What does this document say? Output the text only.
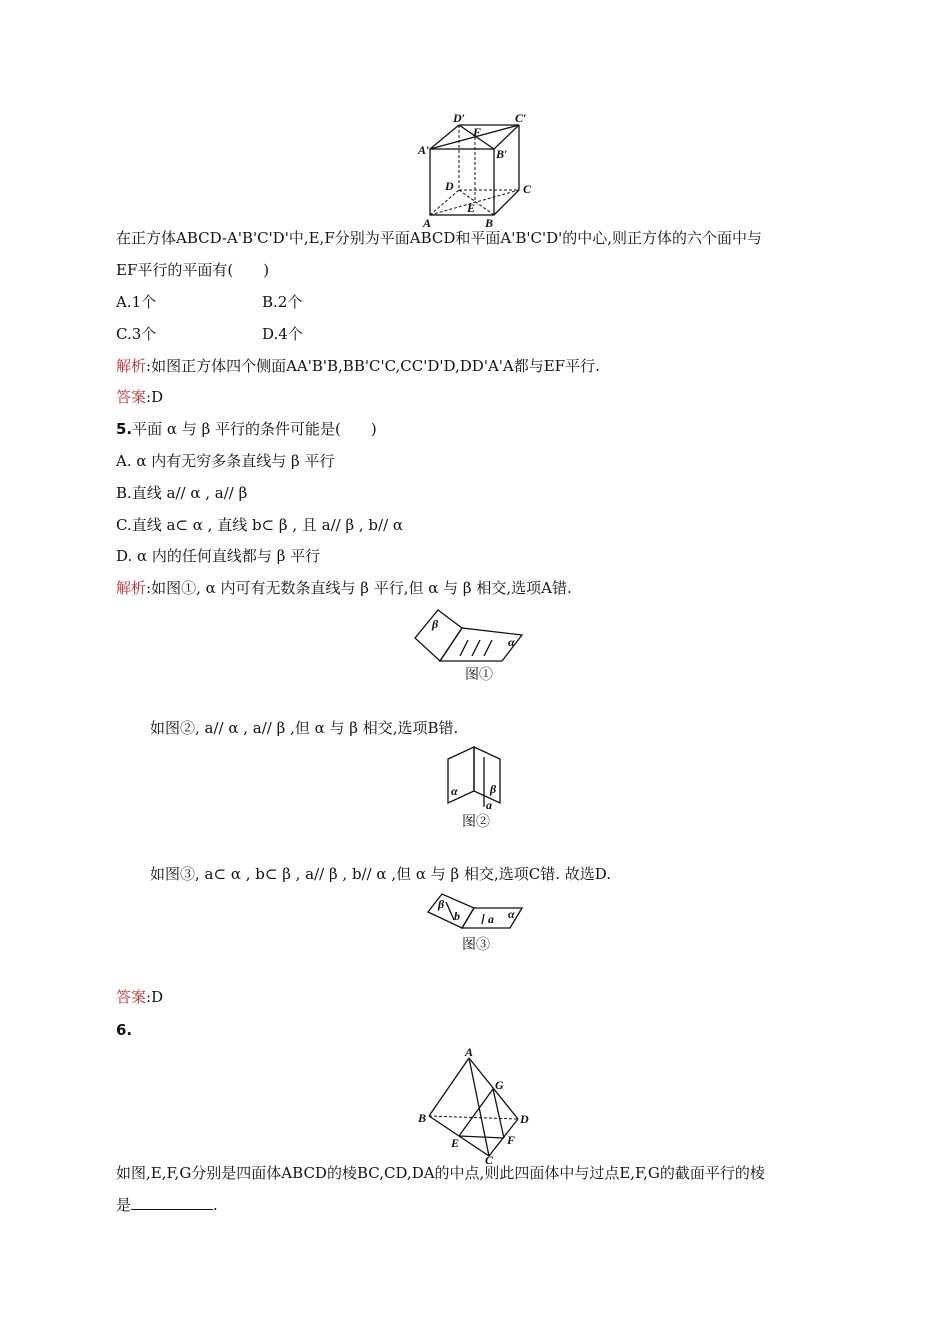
D′	C′
A′	B′
F
D	C
E
A	B
在正方体ABCD-A'B'C'D'中,E,F分别为平面ABCD和平面A'B'C'D'的中心,则正方体的六个面中与
EF平行的平面有(　　)
A.1个	B.2个
C.3个	D.4个
解析:如图正方体四个侧面AA'B'B,BB'C'C,CC'D'D,DD'A'A都与EF平行.
答案:D
5.平面 α 与 β 平行的条件可能是(　　)
A. α 内有无穷多条直线与 β 平行
B.直线 a// α , a// β
C.直线 a⊂ α , 直线 b⊂ β , 且 a// β , b// α
D. α 内的任何直线都与 β 平行
解析:如图①, α 内可有无数条直线与 β 平行,但 α 与 β 相交,选项A错.
β
α
图①
如图②, a// α , a// β ,但 α 与 β 相交,选项B错.
α	β
a
图②
如图③, a⊂ α , b⊂ β , a// β , b// α ,但 α 与 β 相交,选项C错. 故选D.
β
b a α
图③
答案:D
6.
A
G
B	D
E	F
C
如图,E,F,G分别是四面体ABCD的棱BC,CD,DA的中点,则此四面体中与过点E,F,G的截面平行的棱
是	.
